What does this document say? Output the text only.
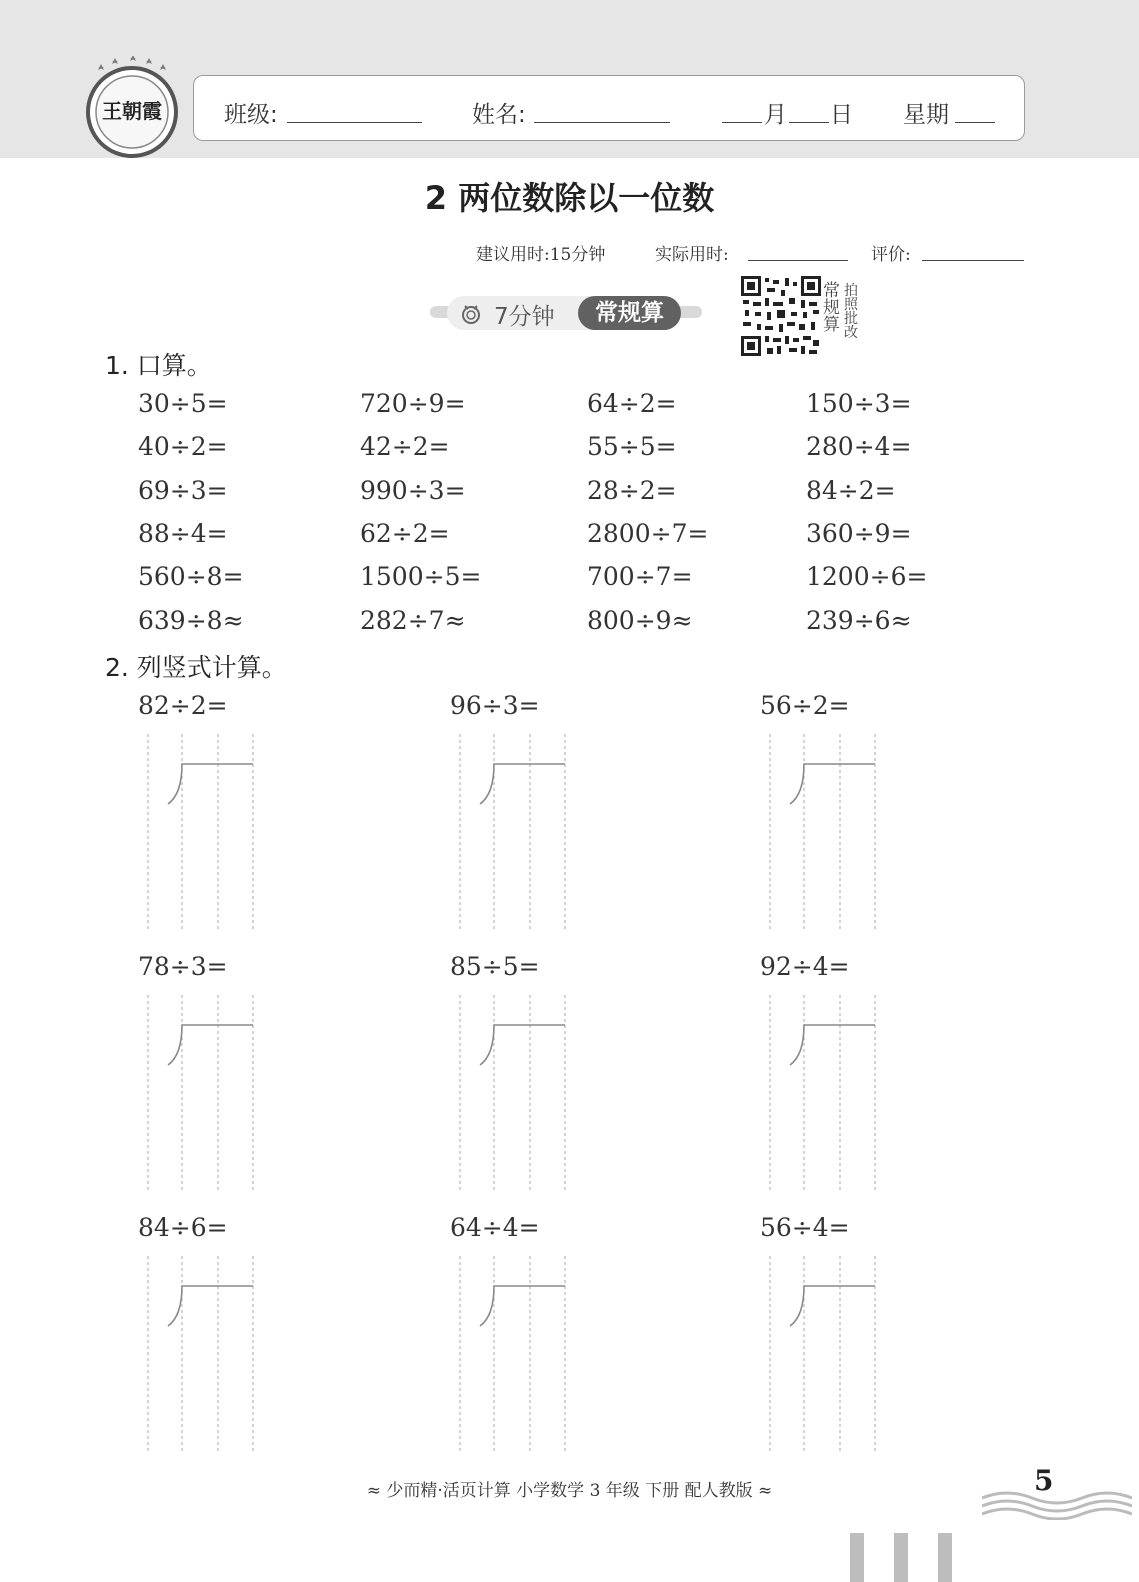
王朝霞	班级:	姓名:	月 日 星期
2 两位数除以一位数
建议用时:15分钟	实际用时:	评价:
7分钟	常规算
常
规
算
拍
照
批
改
1. 口算。
30÷5=	720÷9=	64÷2=	150÷3=
40÷2=	42÷2=	55÷5=	280÷4=
69÷3=	990÷3=	28÷2=	84÷2=
88÷4=	62÷2=	2800÷7=	360÷9=
560÷8=	1500÷5=	700÷7=	1200÷6=
639÷8≈	282÷7≈	800÷9≈	239÷6≈
2. 列竖式计算。
82÷2=	96÷3=	56÷2=
78÷3=	85÷5=	92÷4=
84÷6=	64÷4=	56÷4=
≈ 少而精·活页计算 小学数学 3 年级 下册 配人教版 ≈	5
